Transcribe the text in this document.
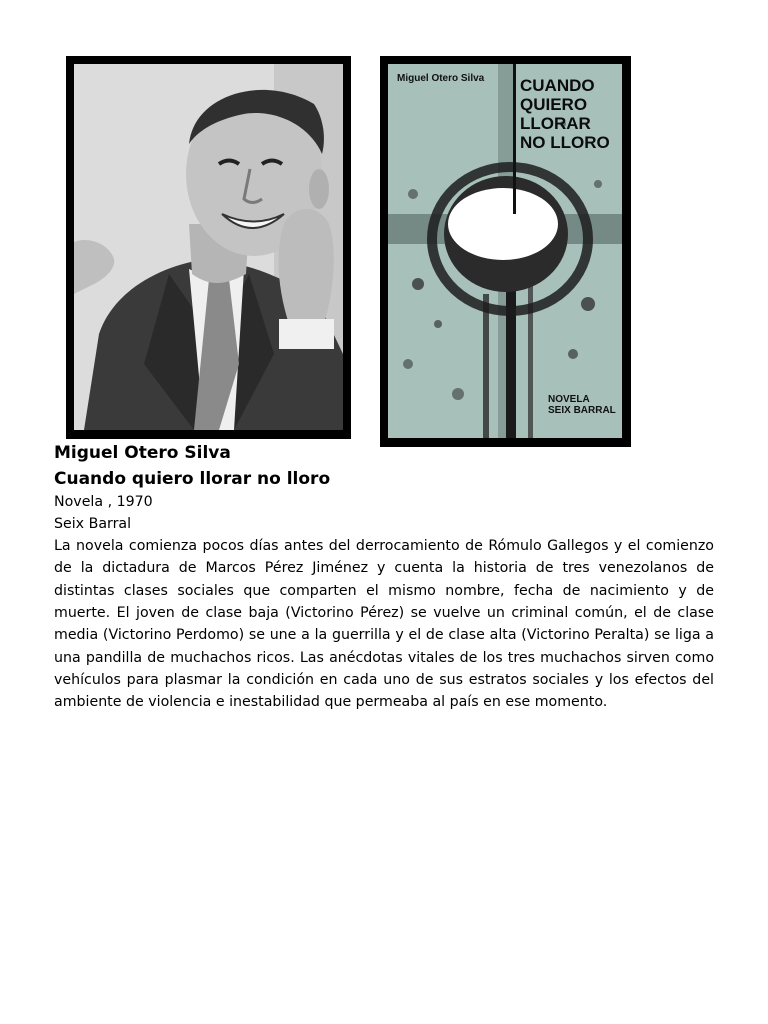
Miguel Otero Silva CUANDO
QUIERO
LLORAR
NO LLORO
NOVELA
SEIX BARRAL

Miguel Otero Silva

Cuando quiero llorar no lloro

Novela , 1970

Seix Barral

La novela comienza pocos días antes del derrocamiento de Rómulo Gallegos y el comienzo de la dictadura de Marcos Pérez Jiménez y cuenta la historia de tres venezolanos de distintas clases sociales que comparten el mismo nombre, fecha de nacimiento y de muerte. El joven de clase baja (Victorino Pérez) se vuelve un criminal común, el de clase media (Victorino Perdomo) se une a la guerrilla y el de clase alta (Victorino Peralta) se liga a una pandilla de muchachos ricos. Las anécdotas vitales de los tres muchachos sirven como vehículos para plasmar la condición en cada uno de sus estratos sociales y los efectos del ambiente de violencia e inestabilidad que permeaba al país en ese momento.
